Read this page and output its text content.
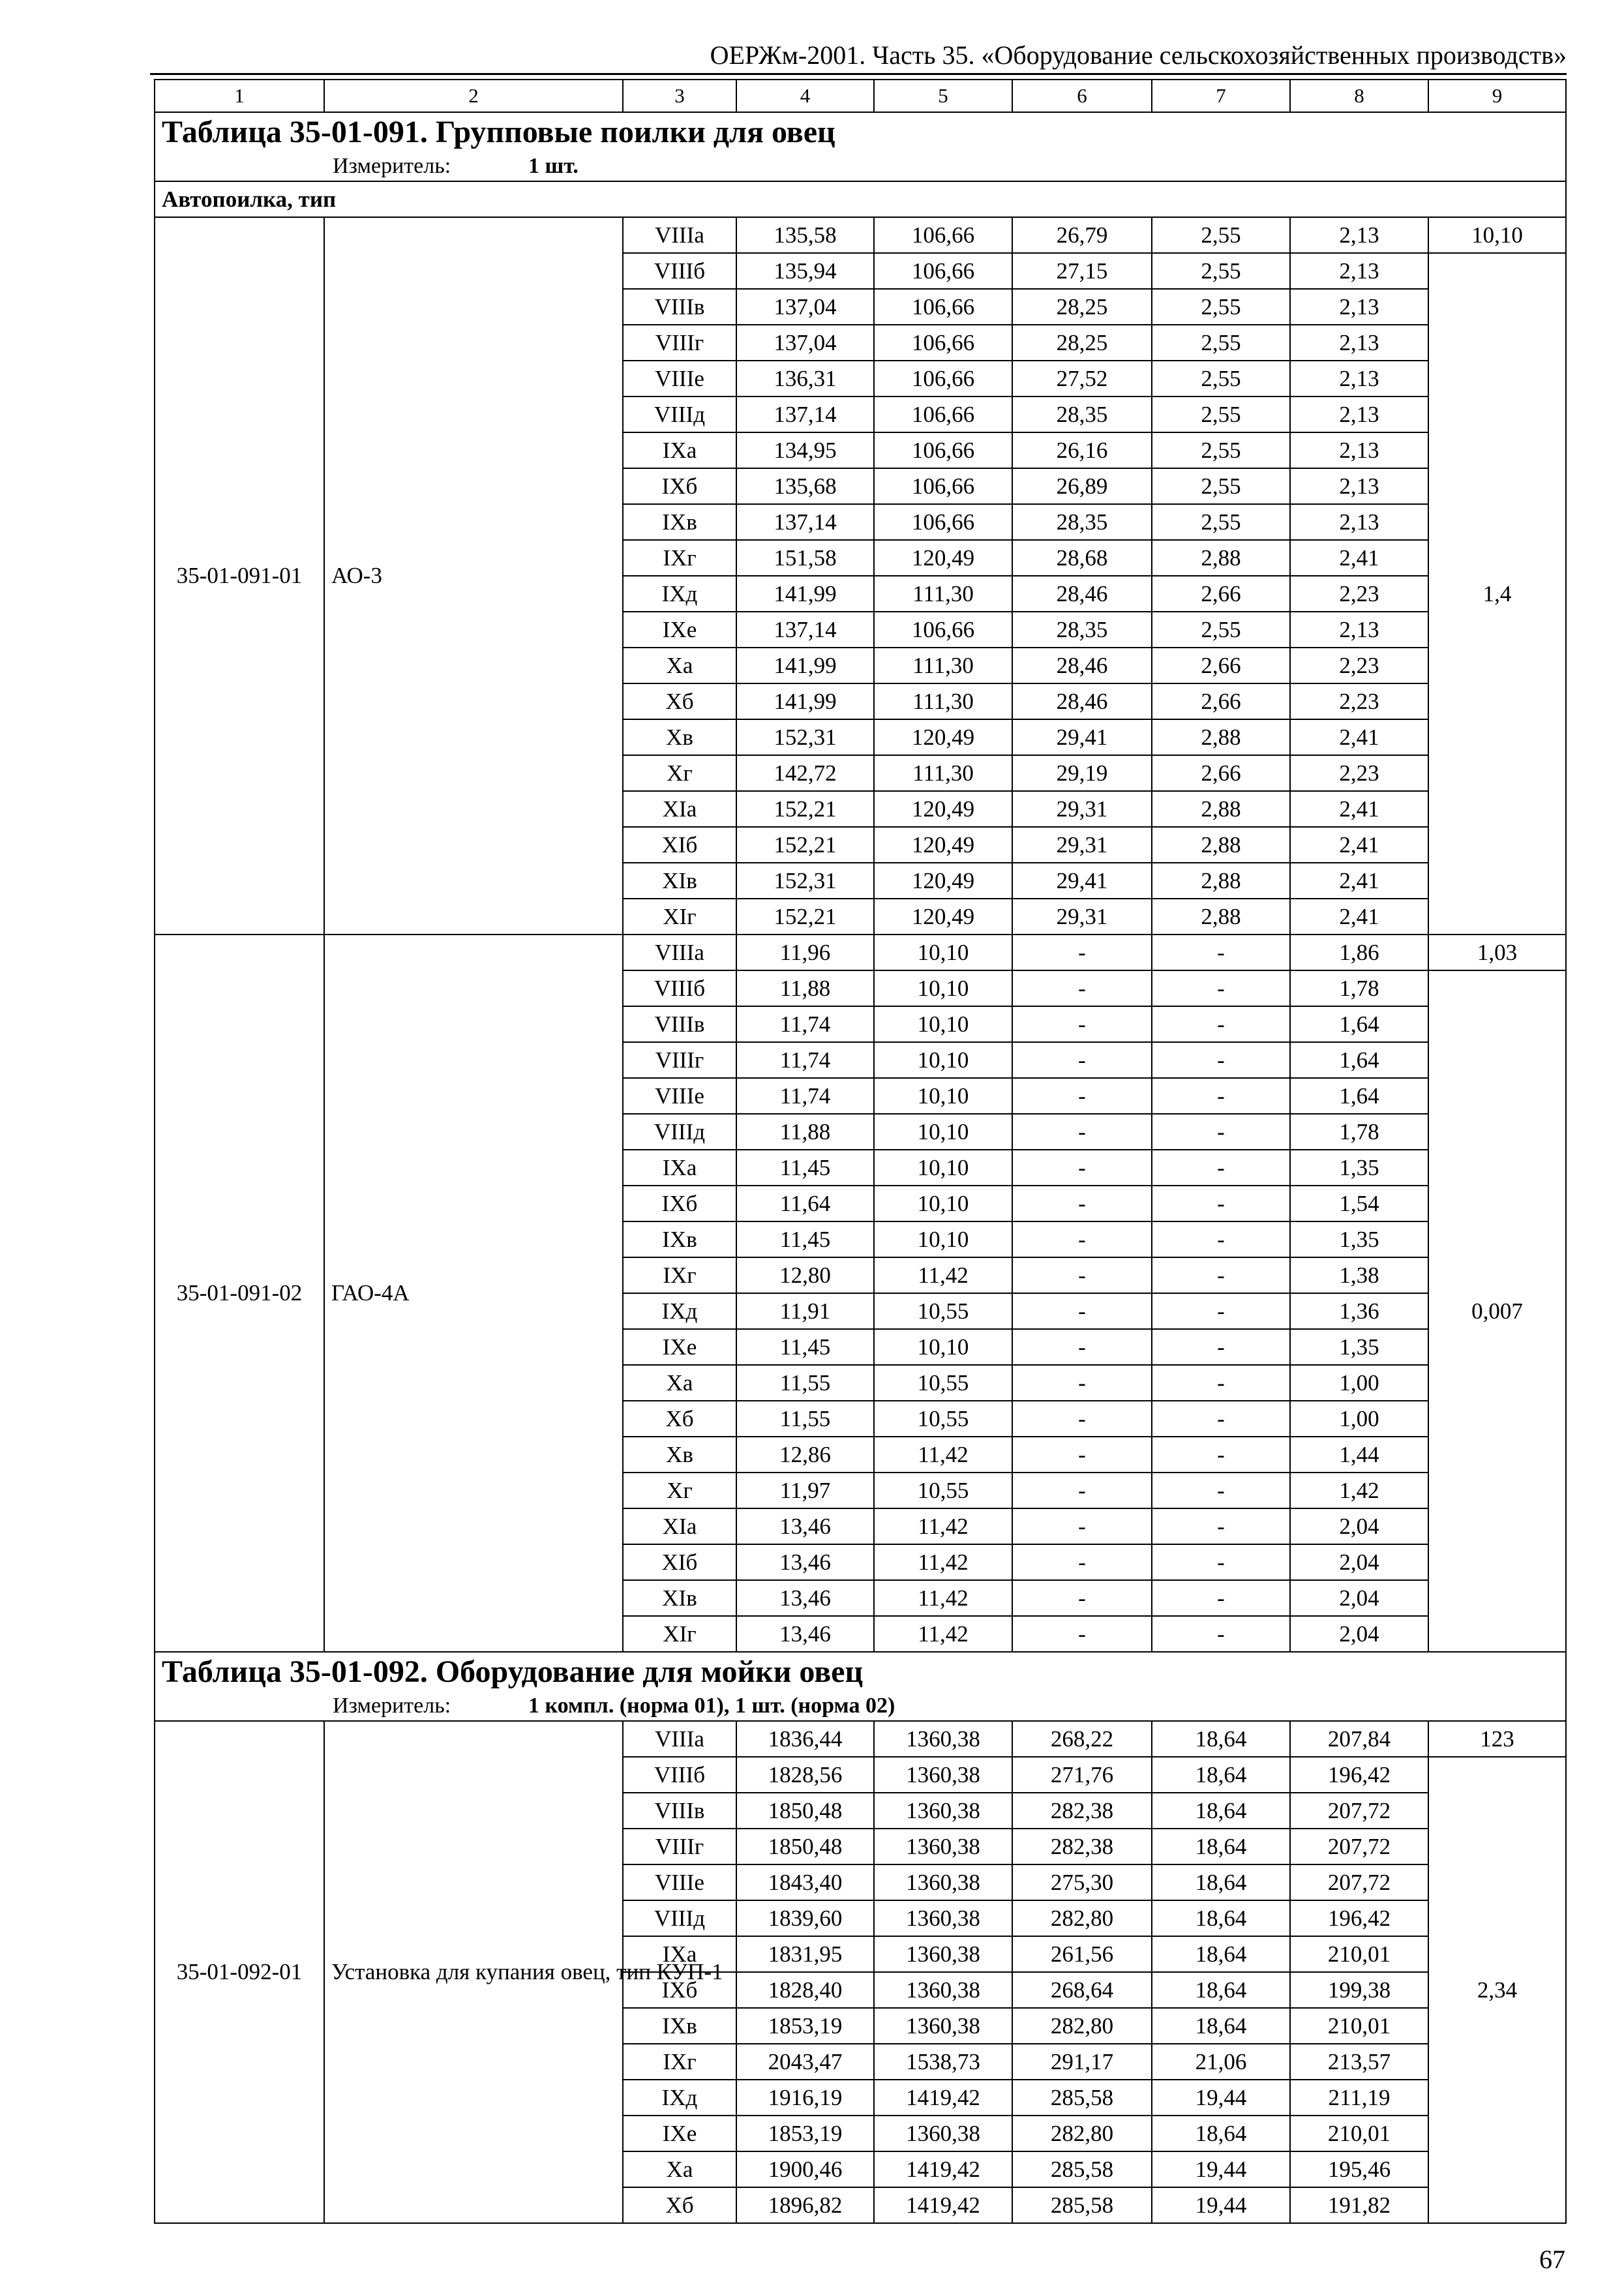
ОЕРЖм-2001. Часть 35. «Оборудование сельскохозяйственных производств»
1	2	3	4	5	6	7	8	9

Таблица 35-01-091. Групповые поилки для овец
Измеритель: 1 шт.								

Автопоилка, тип								
35-01-091-01	АО-3	VIIIа	135,58	106,66	26,79	2,55	2,13	10,10
		VIIIб	135,94	106,66	27,15	2,55	2,13	1,4
		VIIIв	137,04	106,66	28,25	2,55	2,13	
		VIIIг	137,04	106,66	28,25	2,55	2,13	
		VIIIе	136,31	106,66	27,52	2,55	2,13	
		VIIIд	137,14	106,66	28,35	2,55	2,13	
		IXа	134,95	106,66	26,16	2,55	2,13	
		IXб	135,68	106,66	26,89	2,55	2,13	
		IXв	137,14	106,66	28,35	2,55	2,13	
		IXг	151,58	120,49	28,68	2,88	2,41	
		IXд	141,99	111,30	28,46	2,66	2,23	
		IXе	137,14	106,66	28,35	2,55	2,13	
		Xа	141,99	111,30	28,46	2,66	2,23	
		Xб	141,99	111,30	28,46	2,66	2,23	
		Xв	152,31	120,49	29,41	2,88	2,41	
		Xг	142,72	111,30	29,19	2,66	2,23	
		XIа	152,21	120,49	29,31	2,88	2,41	
		XIб	152,21	120,49	29,31	2,88	2,41	
		XIв	152,31	120,49	29,41	2,88	2,41	
		XIг	152,21	120,49	29,31	2,88	2,41	
35-01-091-02	ГАО-4А	VIIIа	11,96	10,10	-	-	1,86	1,03
		VIIIб	11,88	10,10	-	-	1,78	0,007
		VIIIв	11,74	10,10	-	-	1,64	
		VIIIг	11,74	10,10	-	-	1,64	
		VIIIе	11,74	10,10	-	-	1,64	
		VIIIд	11,88	10,10	-	-	1,78	
		IXа	11,45	10,10	-	-	1,35	
		IXб	11,64	10,10	-	-	1,54	
		IXв	11,45	10,10	-	-	1,35	
		IXг	12,80	11,42	-	-	1,38	
		IXд	11,91	10,55	-	-	1,36	
		IXе	11,45	10,10	-	-	1,35	
		Xа	11,55	10,55	-	-	1,00	
		Xб	11,55	10,55	-	-	1,00	
		Xв	12,86	11,42	-	-	1,44	
		Xг	11,97	10,55	-	-	1,42	
		XIа	13,46	11,42	-	-	2,04	
		XIб	13,46	11,42	-	-	2,04	
		XIв	13,46	11,42	-	-	2,04	
		XIг	13,46	11,42	-	-	2,04	

Таблица 35-01-092. Оборудование для мойки овец
Измеритель: 1 компл. (норма 01), 1 шт. (норма 02)								

35-01-092-01	Установка для купания овец, тип КУП-1	VIIIа	1836,44	1360,38	268,22	18,64	207,84	123
		VIIIб	1828,56	1360,38	271,76	18,64	196,42	2,34
		VIIIв	1850,48	1360,38	282,38	18,64	207,72	
		VIIIг	1850,48	1360,38	282,38	18,64	207,72	
		VIIIе	1843,40	1360,38	275,30	18,64	207,72	
		VIIIд	1839,60	1360,38	282,80	18,64	196,42	
		IXа	1831,95	1360,38	261,56	18,64	210,01	
		IXб	1828,40	1360,38	268,64	18,64	199,38	
		IXв	1853,19	1360,38	282,80	18,64	210,01	
		IXг	2043,47	1538,73	291,17	21,06	213,57	
		IXд	1916,19	1419,42	285,58	19,44	211,19	
		IXе	1853,19	1360,38	282,80	18,64	210,01	
		Xа	1900,46	1419,42	285,58	19,44	195,46	
		Xб	1896,82	1419,42	285,58	19,44	191,82	
67
